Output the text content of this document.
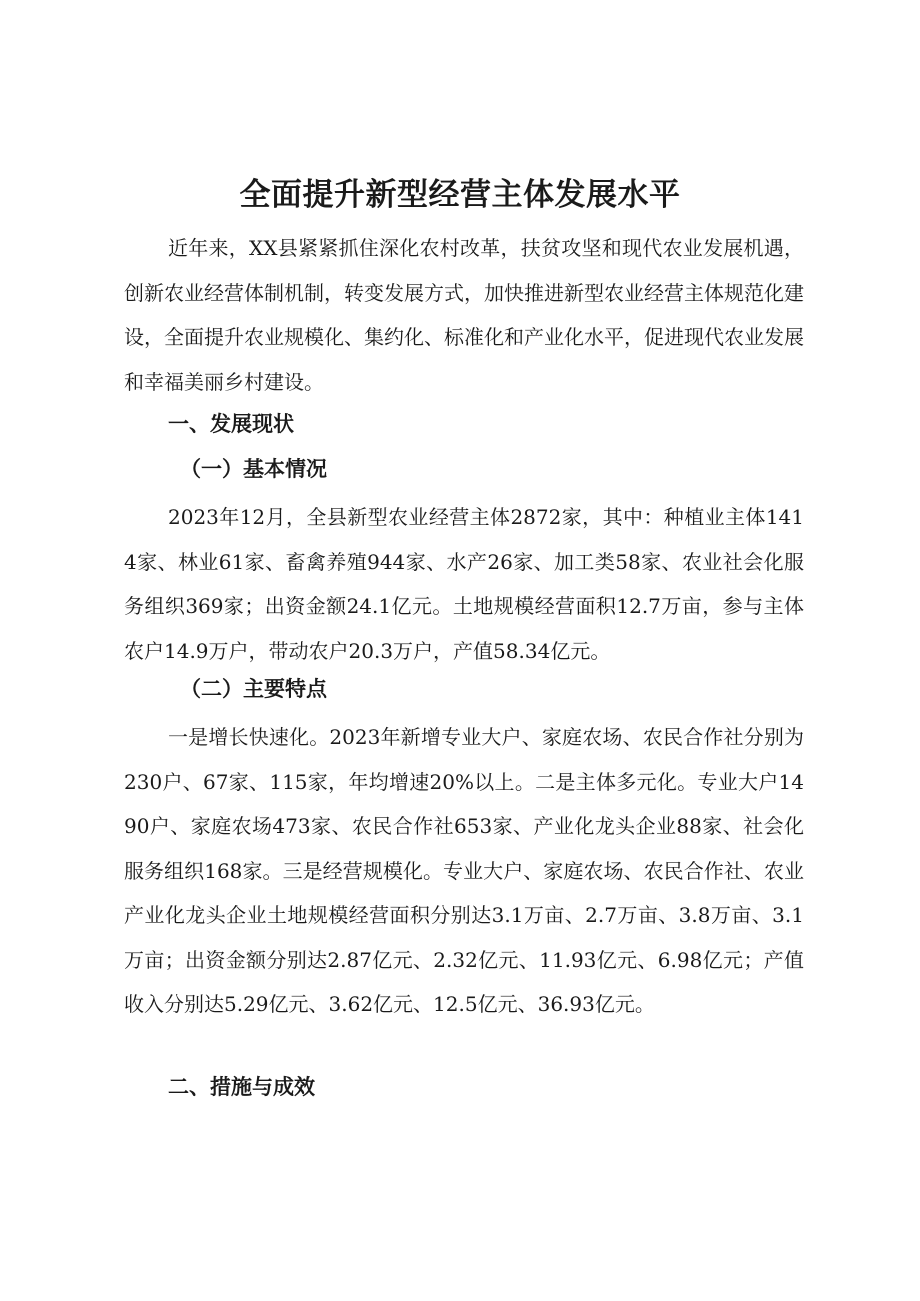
全面提升新型经营主体发展水平

近年来，XX县紧紧抓住深化农村改革，扶贫攻坚和现代农业发展机遇，创新农业经营体制机制，转变发展方式，加快推进新型农业经营主体规范化建设，全面提升农业规模化、集约化、标准化和产业化水平，促进现代农业发展和幸福美丽乡村建设。

一、发展现状
（一）基本情况

2023年12月，全县新型农业经营主体2872家，其中：种植业主体1414家、林业61家、畜禽养殖944家、水产26家、加工类58家、农业社会化服务组织369家；出资金额24.1亿元。土地规模经营面积12.7万亩，参与主体农户14.9万户，带动农户20.3万户，产值58.34亿元。

（二）主要特点

一是增长快速化。2023年新增专业大户、家庭农场、农民合作社分别为230户、67家、115家，年均增速20%以上。二是主体多元化。专业大户1490户、家庭农场473家、农民合作社653家、产业化龙头企业88家、社会化服务组织168家。三是经营规模化。专业大户、家庭农场、农民合作社、农业产业化龙头企业土地规模经营面积分别达3.1万亩、2.7万亩、3.8万亩、3.1万亩；出资金额分别达2.87亿元、2.32亿元、11.93亿元、6.98亿元；产值收入分别达5.29亿元、3.62亿元、12.5亿元、36.93亿元。

二、措施与成效
